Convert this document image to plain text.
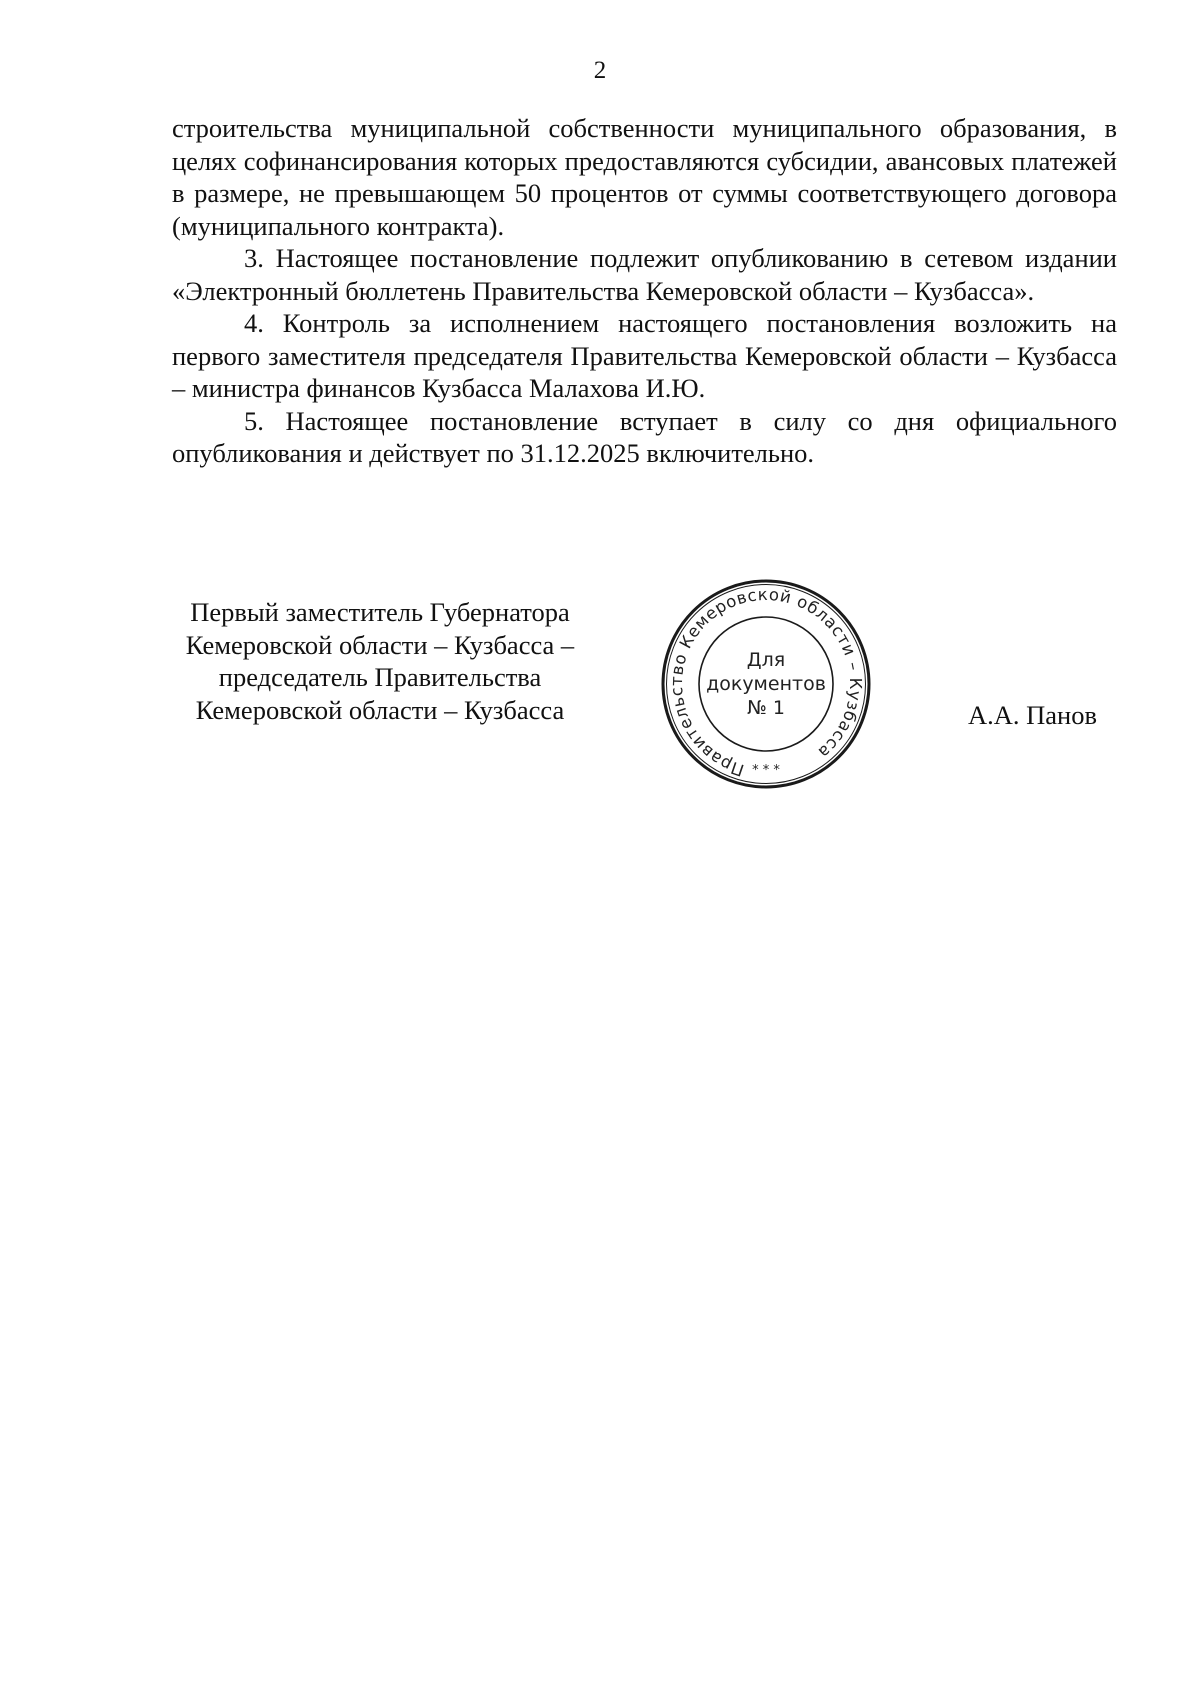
2

строительства муниципальной собственности муниципального образования, в целях софинансирования которых предоставляются субсидии, авансовых платежей в размере, не превышающем 50 процентов от суммы соответствующего договора (муниципального контракта).

3. Настоящее постановление подлежит опубликованию в сетевом издании «Электронный бюллетень Правительства Кемеровской области – Кузбасса».

4. Контроль за исполнением настоящего постановления возложить на первого заместителя председателя Правительства Кемеровской области – Кузбасса – министра финансов Кузбасса Малахова И.Ю.

5. Настоящее постановление вступает в силу со дня официального опубликования и действует по 31.12.2025 включительно.

Первый заместитель Губернатора
Кемеровской области – Кузбасса –
председатель Правительства
Кемеровской области – Кузбасса
Правительство Кемеровской области – Кузбасса
* * *
Для
документов
№ 1	А.А. Панов
